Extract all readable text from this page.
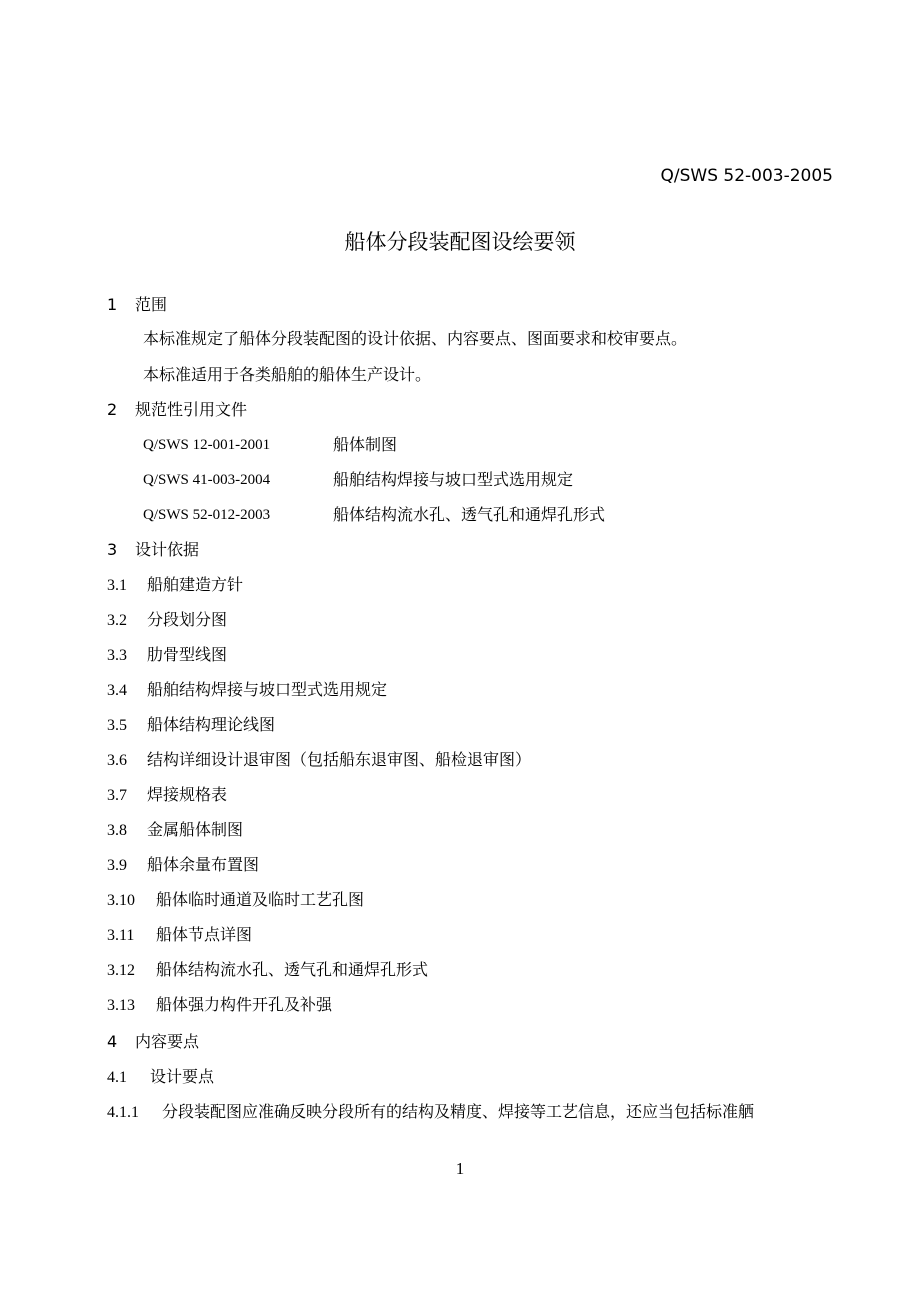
Q/SWS 52-003-2005
船体分段装配图设绘要领
1 范围
本标准规定了船体分段装配图的设计依据、内容要点、图面要求和校审要点。
本标准适用于各类船舶的船体生产设计。
2 规范性引用文件
Q/SWS 12-001-2001	船体制图
Q/SWS 41-003-2004	船舶结构焊接与坡口型式选用规定
Q/SWS 52-012-2003	船体结构流水孔、透气孔和通焊孔形式
3 设计依据
3.1 船舶建造方针
3.2 分段划分图
3.3 肋骨型线图
3.4 船舶结构焊接与坡口型式选用规定
3.5 船体结构理论线图
3.6 结构详细设计退审图（包括船东退审图、船检退审图）
3.7 焊接规格表
3.8 金属船体制图
3.9 船体余量布置图
3.10 船体临时通道及临时工艺孔图
3.11 船体节点详图
3.12 船体结构流水孔、透气孔和通焊孔形式
3.13 船体强力构件开孔及补强
4 内容要点
4.1 设计要点
4.1.1 分段装配图应准确反映分段所有的结构及精度、焊接等工艺信息，还应当包括标准舾
1
